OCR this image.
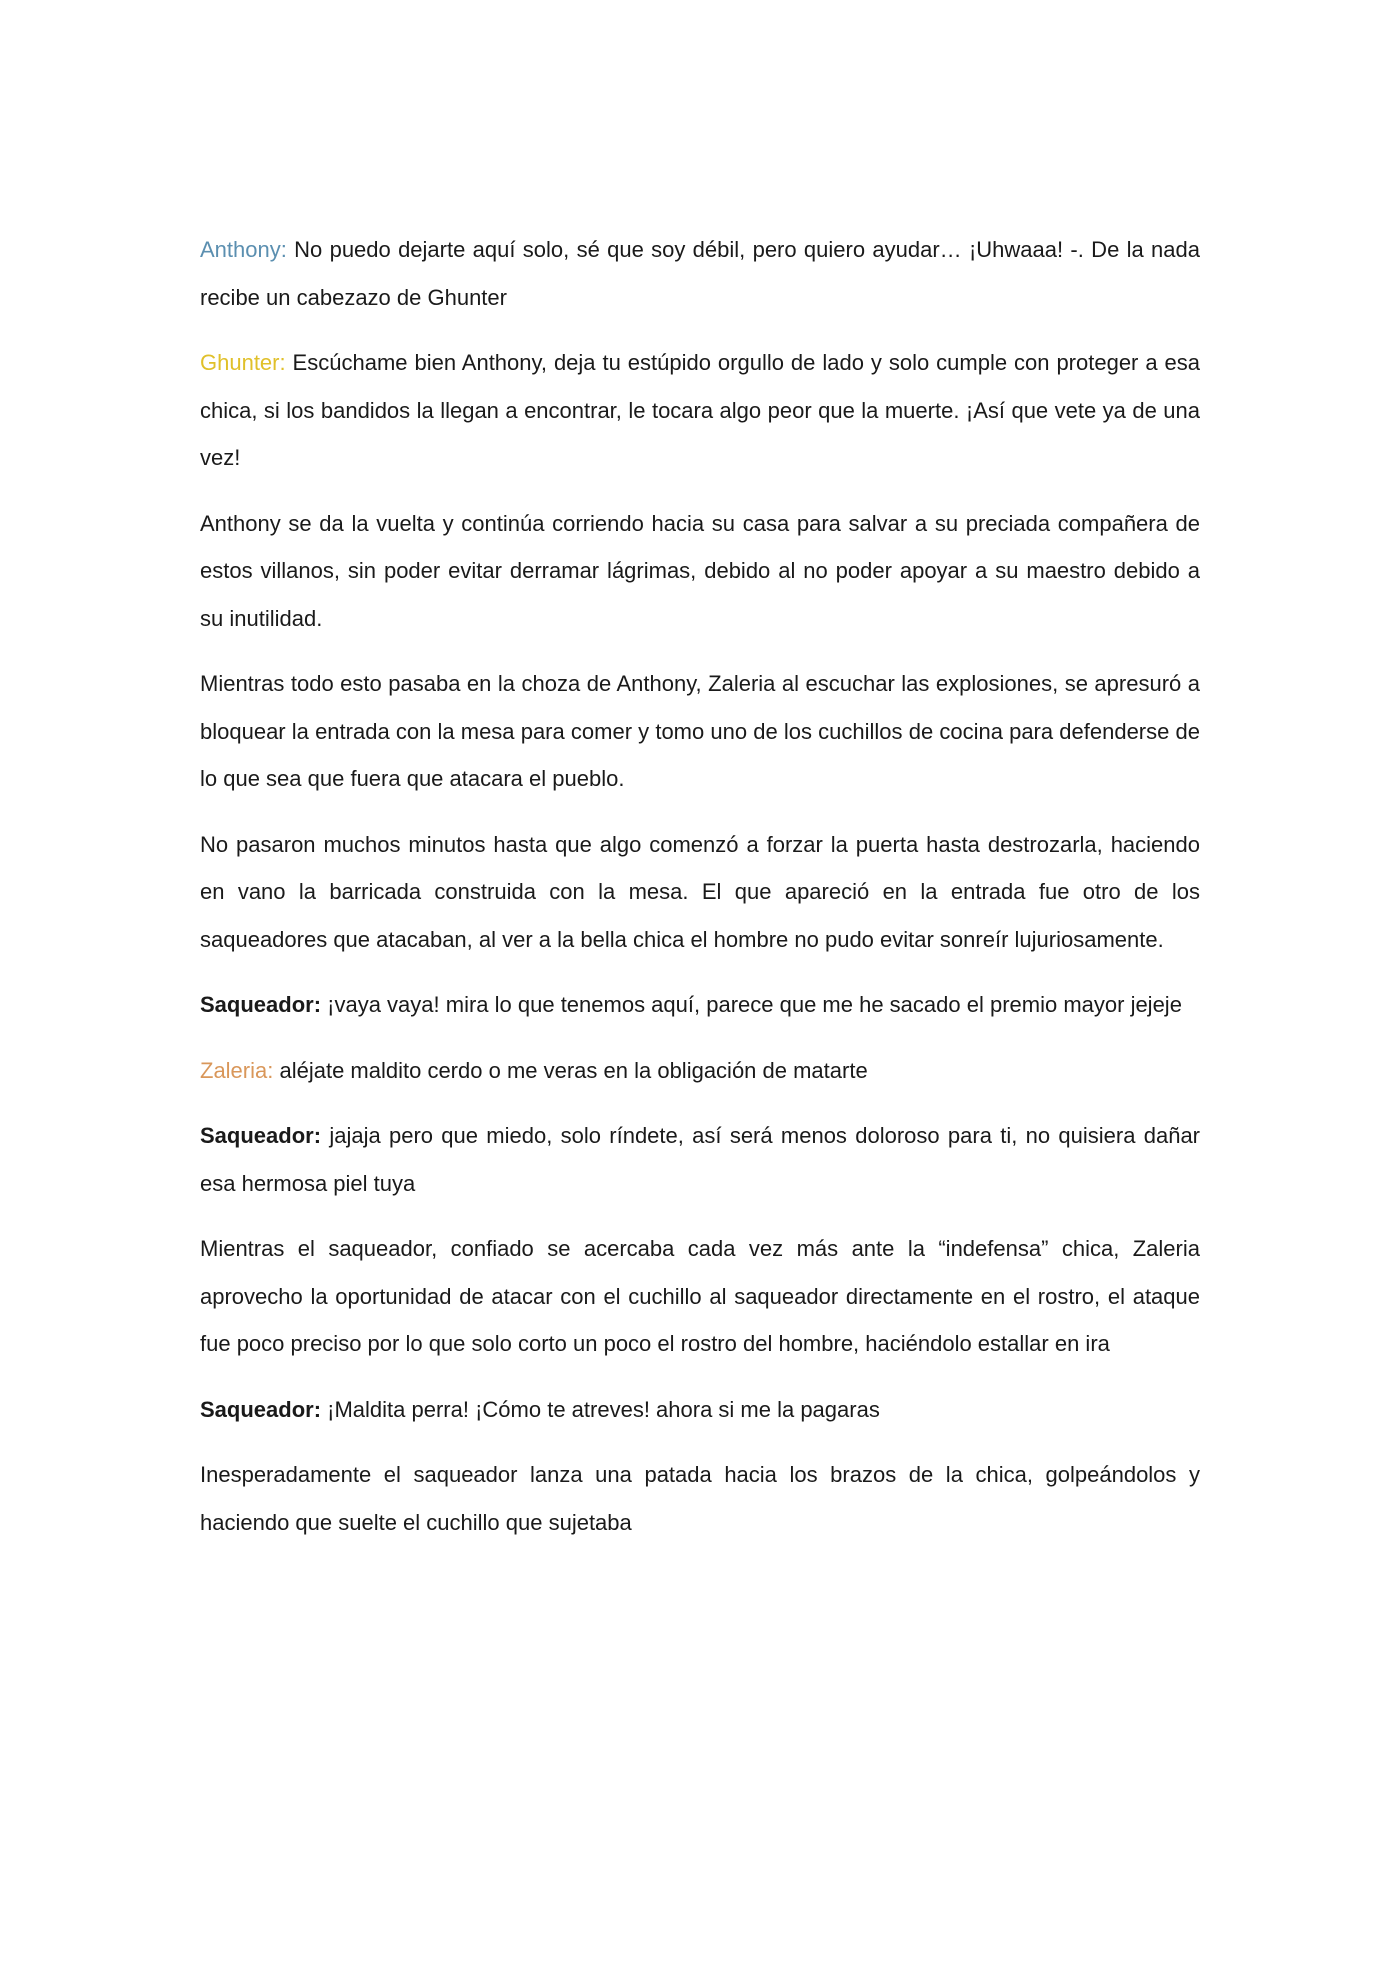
Anthony: No puedo dejarte aquí solo, sé que soy débil, pero quiero ayudar… ¡Uhwaaa! -. De la nada recibe un cabezazo de Ghunter

Ghunter: Escúchame bien Anthony, deja tu estúpido orgullo de lado y solo cumple con proteger a esa chica, si los bandidos la llegan a encontrar, le tocara algo peor que la muerte. ¡Así que vete ya de una vez!

Anthony se da la vuelta y continúa corriendo hacia su casa para salvar a su preciada compañera de estos villanos, sin poder evitar derramar lágrimas, debido al no poder apoyar a su maestro debido a su inutilidad.

Mientras todo esto pasaba en la choza de Anthony, Zaleria al escuchar las explosiones, se apresuró a bloquear la entrada con la mesa para comer y tomo uno de los cuchillos de cocina para defenderse de lo que sea que fuera que atacara el pueblo.

No pasaron muchos minutos hasta que algo comenzó a forzar la puerta hasta destrozarla, haciendo en vano la barricada construida con la mesa. El que apareció en la entrada fue otro de los saqueadores que atacaban, al ver a la bella chica el hombre no pudo evitar sonreír lujuriosamente.

Saqueador: ¡vaya vaya! mira lo que tenemos aquí, parece que me he sacado el premio mayor jejeje

Zaleria: aléjate maldito cerdo o me veras en la obligación de matarte

Saqueador: jajaja pero que miedo, solo ríndete, así será menos doloroso para ti, no quisiera dañar esa hermosa piel tuya

Mientras el saqueador, confiado se acercaba cada vez más ante la “indefensa” chica, Zaleria aprovecho la oportunidad de atacar con el cuchillo al saqueador directamente en el rostro, el ataque fue poco preciso por lo que solo corto un poco el rostro del hombre, haciéndolo estallar en ira

Saqueador: ¡Maldita perra! ¡Cómo te atreves! ahora si me la pagaras

Inesperadamente el saqueador lanza una patada hacia los brazos de la chica, golpeándolos y haciendo que suelte el cuchillo que sujetaba
